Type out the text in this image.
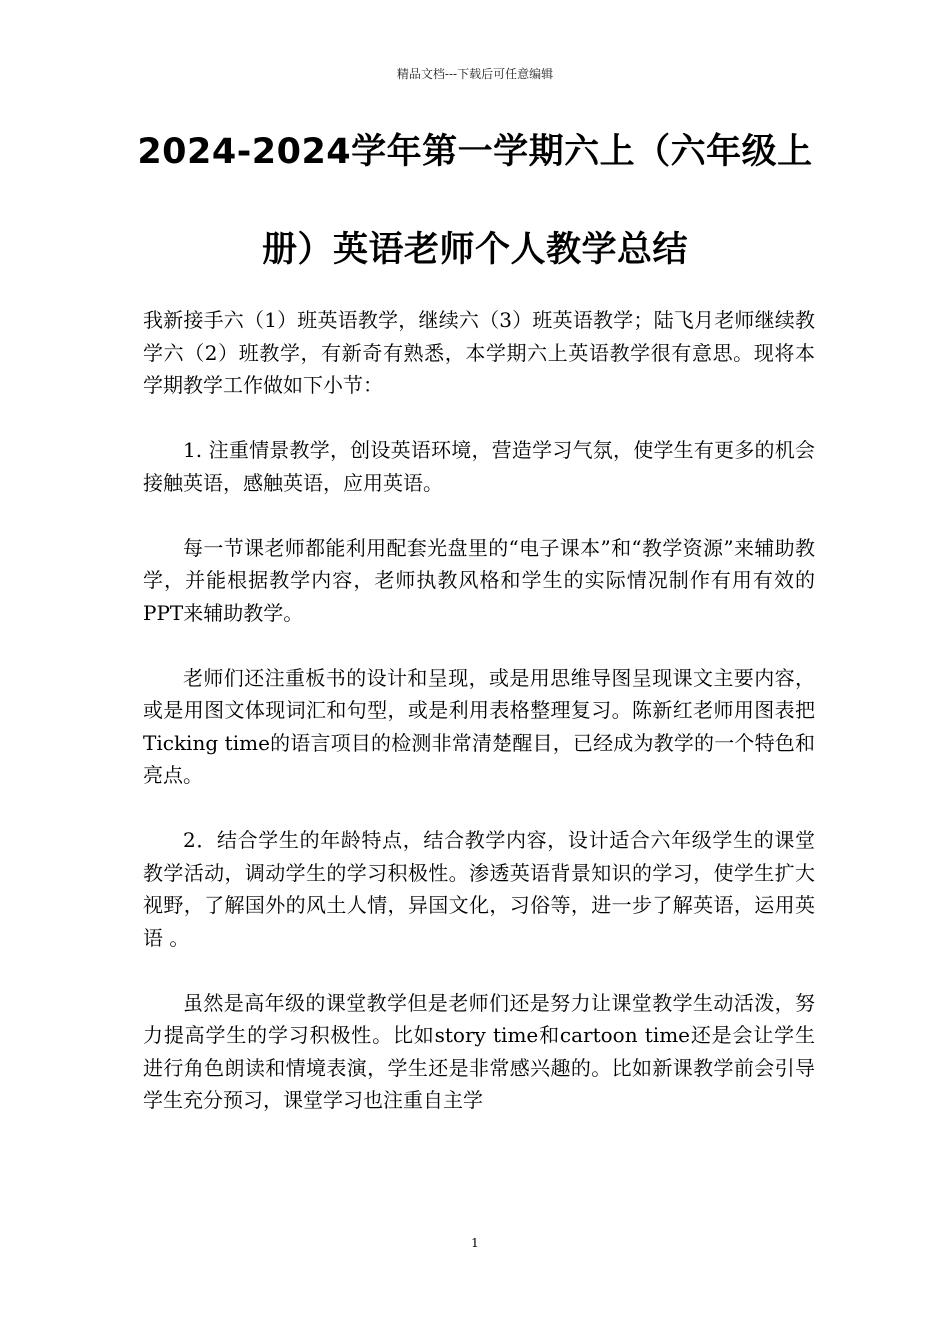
精品文档---下载后可任意编辑
2024-2024学年第一学期六上（六年级上
册）英语老师个人教学总结

我新接手六（1）班英语教学，继续六（3）班英语教学；陆飞月老师继续教学六（2）班教学，有新奇有熟悉，本学期六上英语教学很有意思。现将本学期教学工作做如下小节：

1. 注重情景教学，创设英语环境，营造学习气氛，使学生有更多的机会接触英语，感触英语，应用英语。

每一节课老师都能利用配套光盘里的“电子课本”和“教学资源”来辅助教学，并能根据教学内容，老师执教风格和学生的实际情况制作有用有效的PPT来辅助教学。

老师们还注重板书的设计和呈现，或是用思维导图呈现课文主要内容，或是用图文体现词汇和句型，或是利用表格整理复习。陈新红老师用图表把Ticking time的语言项目的检测非常清楚醒目，已经成为教学的一个特色和亮点。

2．结合学生的年龄特点，结合教学内容，设计适合六年级学生的课堂教学活动，调动学生的学习积极性。渗透英语背景知识的学习，使学生扩大视野，了解国外的风土人情，异国文化，习俗等，进一步了解英语，运用英语 。

虽然是高年级的课堂教学但是老师们还是努力让课堂教学生动活泼，努力提高学生的学习积极性。比如story time和cartoon time还是会让学生进行角色朗读和情境表演，学生还是非常感兴趣的。比如新课教学前会引导学生充分预习，课堂学习也注重自主学

1
